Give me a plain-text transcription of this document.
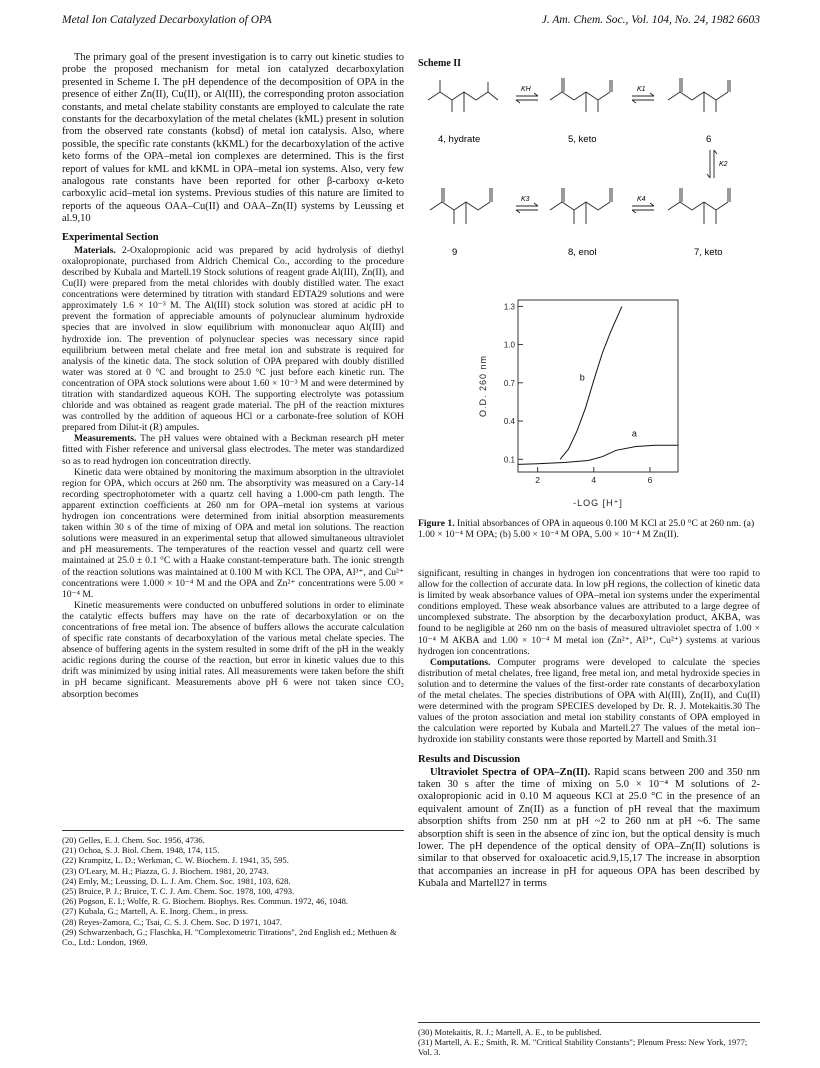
Metal Ion Catalyzed Decarboxylation of OPA	J. Am. Chem. Soc., Vol. 104, No. 24, 1982 6603

The primary goal of the present investigation is to carry out kinetic studies to probe the proposed mechanism for metal ion catalyzed decarboxylation presented in Scheme I. The pH dependence of the decomposition of OPA in the presence of either Zn(II), Cu(II), or Al(III), the corresponding proton association constants, and metal chelate stability constants are employed to calculate the rate constants for the decarboxylation of the metal chelates (kML) present in solution from the observed rate constants (kobsd) of metal ion catalysis. Also, where possible, the specific rate constants (kKML) for the decarboxylation of the active keto forms of the OPA–metal ion complexes are determined. This is the first report of values for kML and kKML in OPA–metal ion systems. Also, very few analogous rate constants have been reported for other β-carboxy α-keto carboxylic acid–metal ion systems. Previous studies of this nature are limited to reports of the aqueous OAA–Cu(II) and OAA–Zn(II) systems by Leussing et al.9,10

Experimental Section

Materials. 2-Oxalopropionic acid was prepared by acid hydrolysis of diethyl oxalopropionate, purchased from Aldrich Chemical Co., according to the procedure described by Kubala and Martell.19 Stock solutions of reagent grade Al(III), Zn(II), and Cu(II) were prepared from the metal chlorides with doubly distilled water. The exact concentrations were determined by titration with standard EDTA29 solutions and were approximately 1.6 × 10⁻³ M. The Al(III) stock solution was stored at acidic pH to prevent the formation of appreciable amounts of polynuclear aluminum hydroxide species that are involved in slow equilibrium with mononuclear aquo Al(III) and hydroxide ion. The prevention of polynuclear species was necessary since rapid equilibrium between metal chelate and free metal ion and substrate is required for analysis of the kinetic data. The stock solution of OPA prepared with doubly distilled water was stored at 0 °C and brought to 25.0 °C just before each kinetic run. The concentration of OPA stock solutions were about 1.60 × 10⁻³ M and were determined by titration with standardized aqueous KOH. The supporting electrolyte was potassium chloride and was obtained as reagent grade material. The pH of the reaction mixtures was controlled by the addition of aqueous HCl or a carbonate-free solution of KOH prepared from Dilut-it (R) ampules.

Measurements. The pH values were obtained with a Beckman research pH meter fitted with Fisher reference and universal glass electrodes. The meter was standardized so as to read hydrogen ion concentration directly.

Kinetic data were obtained by monitoring the maximum absorption in the ultraviolet region for OPA, which occurs at 260 nm. The absorptivity was measured on a Cary-14 recording spectrophotometer with a quartz cell having a 1.000-cm path length. The apparent extinction coefficients at 260 nm for OPA–metal ion systems at various hydrogen ion concentrations were determined from initial absorption measurements taken within 30 s of the time of mixing of OPA and metal ion solutions. The reaction solutions were measured in an experimental setup that allowed simultaneous ultraviolet and pH measurements. The temperatures of the reaction vessel and quartz cell were maintained at 25.0 ± 0.1 °C with a Haake constant-temperature bath. The ionic strength of the reaction solutions was maintained at 0.100 M with KCl. The OPA, Al³⁺, and Cu²⁺ concentrations were 1.000 × 10⁻⁴ M and the OPA and Zn²⁺ concentrations were 5.00 × 10⁻⁴ M.

Kinetic measurements were conducted on unbuffered solutions in order to eliminate the catalytic effects buffers may have on the rate of decarboxylation or on the concentrations of free metal ion. The absence of buffers allows the accurate calculation of specific rate constants of decarboxylation of the various metal chelate species. The absence of buffering agents in the system resulted in some drift of the pH in the weakly acidic regions during the course of the reaction, but error in kinetic values due to this drift was minimized by using initial rates. All measurements were taken before the shift in pH became significant. Measurements above pH 6 were not taken since CO₂ absorption becomes

(20) Gelles, E. J. Chem. Soc. 1956, 4736.
(21) Ochoa, S. J. Biol. Chem. 1948, 174, 115.
(22) Krampitz, L. D.; Werkman, C. W. Biochem. J. 1941, 35, 595.
(23) O'Leary, M. H.; Piazza, G. J. Biochem. 1981, 20, 2743.
(24) Emly, M.; Leussing, D. L. J. Am. Chem. Soc. 1981, 103, 628.
(25) Bruice, P. J.; Bruice, T. C. J. Am. Chem. Soc. 1978, 100, 4793.
(26) Pogson, E. I.; Wolfe, R. G. Biochem. Biophys. Res. Commun. 1972, 46, 1048.
(27) Kubala, G.; Martell, A. E. Inorg. Chem., in press.
(28) Reyes-Zamora, C.; Tsai, C. S. J. Chem. Soc. D 1971, 1047.
(29) Schwarzenbach, G.; Flaschka, H. "Complexometric Titrations", 2nd English ed.; Methuen & Co., Ltd.: London, 1969.
Scheme II
KH	K1
K2
K3	K4
4, hydrate	5, keto	6
9	8, enol	7, keto
0.1
0.4
0.7
1.0
1.3
2	4	6
a
b
O.D. 260 nm
-LOG [H⁺]
Figure 1. Initial absorbances of OPA in aqueous 0.100 M KCl at 25.0 °C at 260 nm. (a) 1.00 × 10⁻⁴ M OPA; (b) 5.00 × 10⁻⁴ M OPA, 5.00 × 10⁻⁴ M Zn(II).

significant, resulting in changes in hydrogen ion concentrations that were too rapid to allow for the collection of accurate data. In low pH regions, the collection of kinetic data is limited by weak absorbance values of OPA–metal ion systems under the experimental conditions employed. These weak absorbance values are attributed to a large degree of uncomplexed substrate. The absorption by the decarboxylation product, AKBA, was found to be negligible at 260 nm on the basis of measured ultraviolet spectra of 1.00 × 10⁻⁴ M AKBA and 1.00 × 10⁻⁴ M metal ion (Zn²⁺, Al³⁺, Cu²⁺) systems at various hydrogen ion concentrations.

Computations. Computer programs were developed to calculate the species distribution of metal chelates, free ligand, free metal ion, and metal hydroxide species in solution and to determine the values of the first-order rate constants of decarboxylation of the metal chelates. The species distributions of OPA with Al(III), Zn(II), and Cu(II) were determined with the program SPECIES developed by Dr. R. J. Motekaitis.30 The values of the proton association and metal ion stability constants of OPA employed in the calculation were reported by Kubala and Martell.27 The values of the metal ion–hydroxide ion stability constants were those reported by Martell and Smith.31

Results and Discussion

Ultraviolet Spectra of OPA–Zn(II). Rapid scans between 200 and 350 nm taken 30 s after the time of mixing on 5.0 × 10⁻⁴ M solutions of 2-oxalopropionic acid in 0.10 M aqueous KCl at 25.0 °C in the presence of an equivalent amount of Zn(II) as a function of pH reveal that the maximum absorption shifts from 250 nm at pH ~2 to 260 nm at pH ~6. The same absorption shift is seen in the absence of zinc ion, but the optical density is much lower. The pH dependence of the optical density of OPA–Zn(II) solutions is similar to that observed for oxaloacetic acid.9,15,17 The increase in absorption that accompanies an increase in pH for aqueous OPA has been described by Kubala and Martell27 in terms

(30) Motekaitis, R. J.; Martell, A. E., to be published.
(31) Martell, A. E.; Smith, R. M. "Critical Stability Constants"; Plenum Press: New York, 1977; Vol. 3.
